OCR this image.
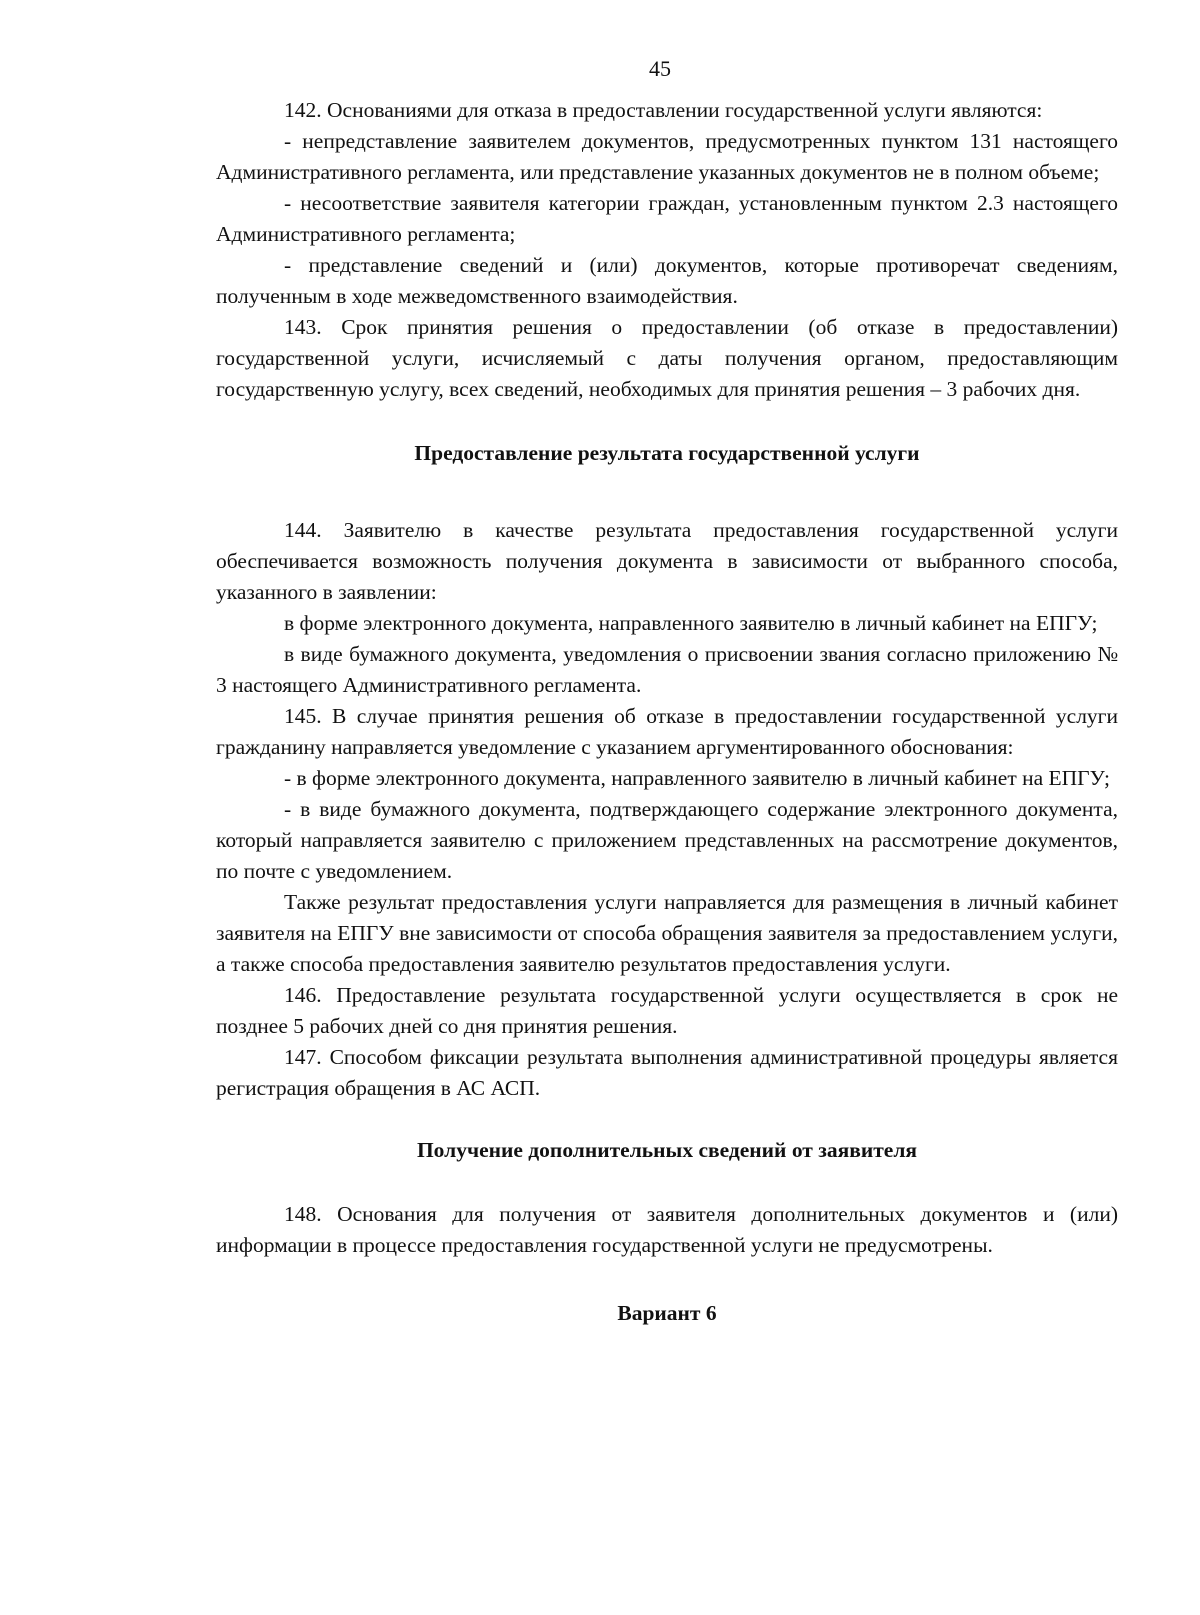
45

142. Основаниями для отказа в предоставлении государственной услуги являются:

- непредставление заявителем документов, предусмотренных пунктом 131 настоящего Административного регламента, или представление указанных документов не в полном объеме;

- несоответствие заявителя категории граждан, установленным пунктом 2.3 настоящего Административного регламента;

- представление сведений и (или) документов, которые противоречат сведениям, полученным в ходе межведомственного взаимодействия.

143. Срок принятия решения о предоставлении (об отказе в предоставлении) государственной услуги, исчисляемый с даты получения органом, предоставляющим государственную услугу, всех сведений, необходимых для принятия решения – 3 рабочих дня.

Предоставление результата государственной услуги

144. Заявителю в качестве результата предоставления государственной услуги обеспечивается возможность получения документа в зависимости от выбранного способа, указанного в заявлении:

в форме электронного документа, направленного заявителю в личный кабинет на ЕПГУ;

в виде бумажного документа, уведомления о присвоении звания согласно приложению № 3 настоящего Административного регламента.

145. В случае принятия решения об отказе в предоставлении государственной услуги гражданину направляется уведомление с указанием аргументированного обоснования:

- в форме электронного документа, направленного заявителю в личный кабинет на ЕПГУ;

- в виде бумажного документа, подтверждающего содержание электронного документа, который направляется заявителю с приложением представленных на рассмотрение документов, по почте с уведомлением.

Также результат предоставления услуги направляется для размещения в личный кабинет заявителя на ЕПГУ вне зависимости от способа обращения заявителя за предоставлением услуги, а также способа предоставления заявителю результатов предоставления услуги.

146. Предоставление результата государственной услуги осуществляется в срок не позднее 5 рабочих дней со дня принятия решения.

147. Способом фиксации результата выполнения административной процедуры является регистрация обращения в АС АСП.

Получение дополнительных сведений от заявителя

148. Основания для получения от заявителя дополнительных документов и (или) информации в процессе предоставления государственной услуги не предусмотрены.

Вариант 6
